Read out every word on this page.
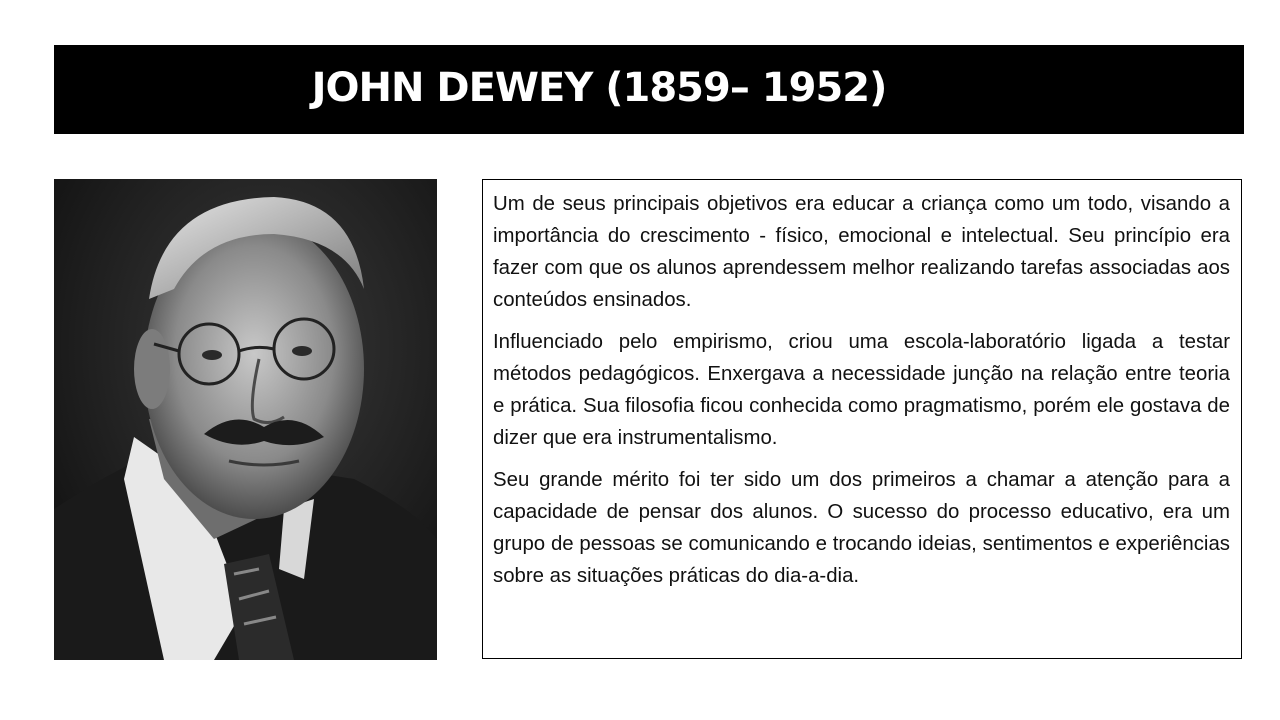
JOHN DEWEY (1859– 1952)

Um de seus principais objetivos era educar a criança como um todo, visando a importância do crescimento - físico, emocional e intelectual. Seu princípio era fazer com que os alunos aprendessem melhor realizando tarefas associadas aos conteúdos ensinados.

Influenciado pelo empirismo, criou uma escola-laboratório ligada a testar métodos pedagógicos. Enxergava a necessidade junção na relação entre teoria e prática. Sua filosofia ficou conhecida como pragmatismo, porém ele gostava de dizer que era instrumentalismo.

Seu grande mérito foi ter sido um dos primeiros a chamar a atenção para a capacidade de pensar dos alunos. O sucesso do processo educativo, era um grupo de pessoas se comunicando e trocando ideias, sentimentos e experiências sobre as situações práticas do dia-a-dia.
